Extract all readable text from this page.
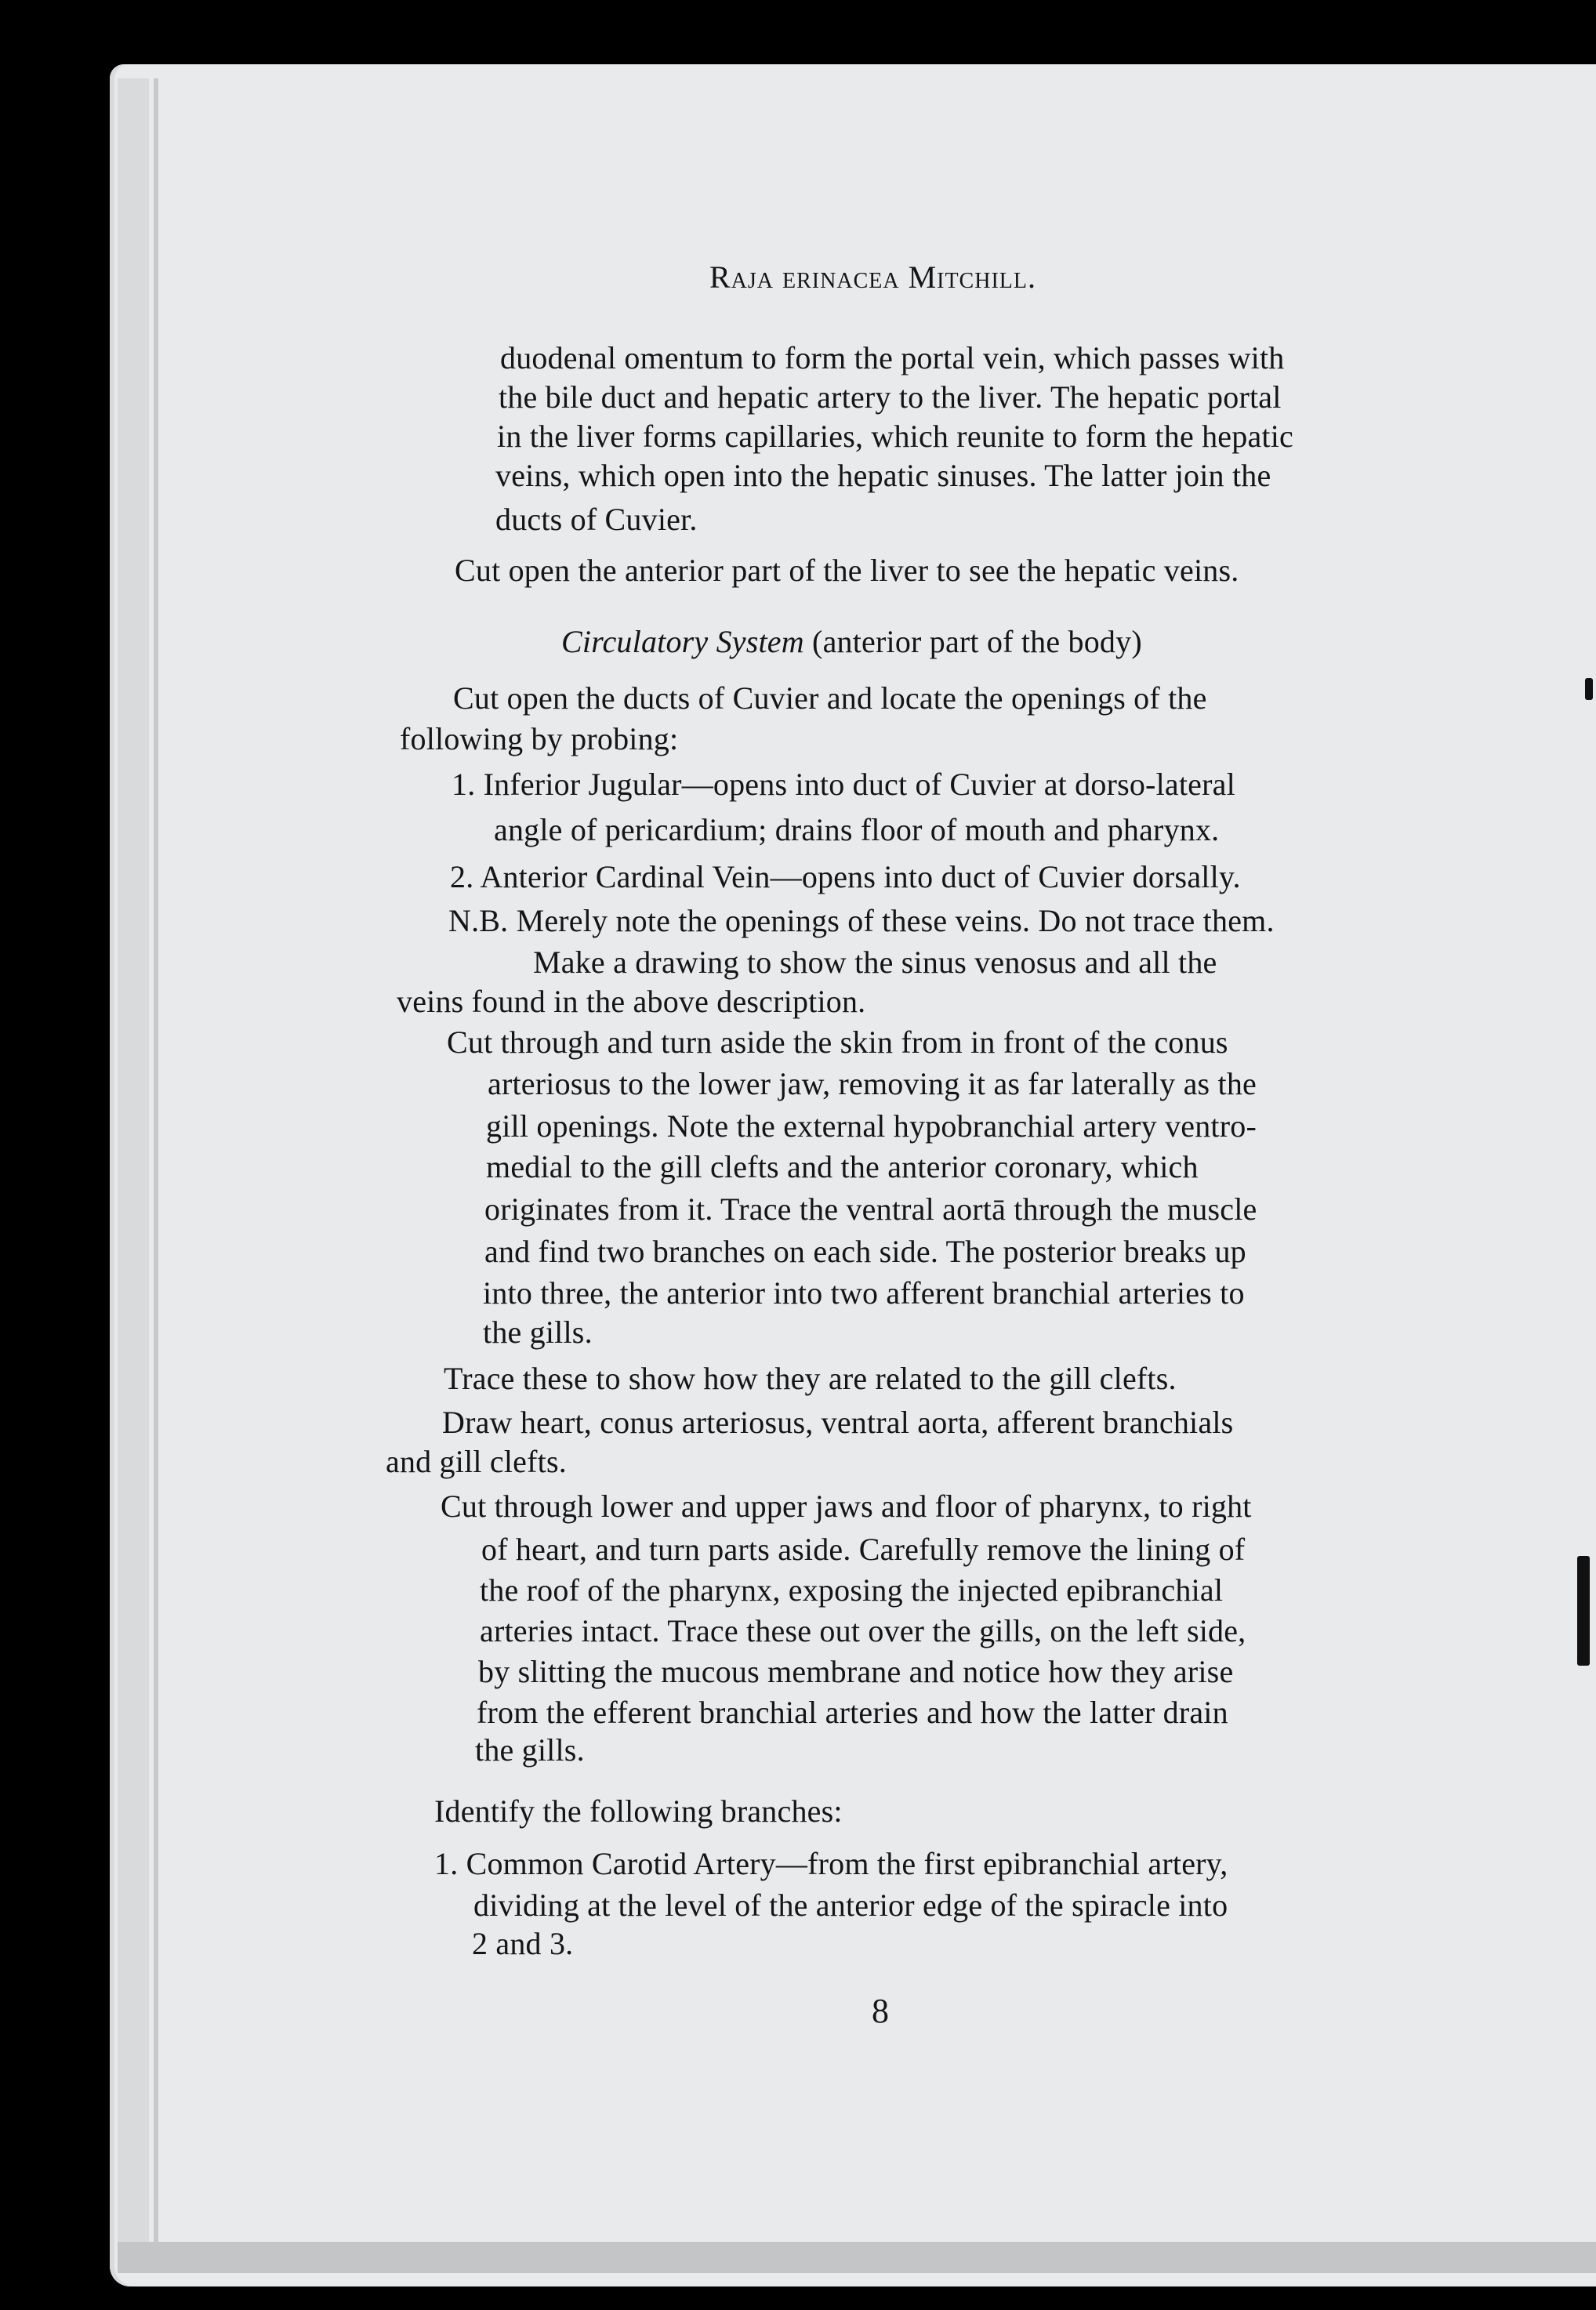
Raja erinacea Mitchill.
duodenal omentum to form the portal vein, which passes with
the bile duct and hepatic artery to the liver. The hepatic portal
in the liver forms capillaries, which reunite to form the hepatic
veins, which open into the hepatic sinuses. The latter join the
ducts of Cuvier.
Cut open the anterior part of the liver to see the hepatic veins.
Circulatory System (anterior part of the body)
Cut open the ducts of Cuvier and locate the openings of the
following by probing:
1. Inferior Jugular—opens into duct of Cuvier at dorso-lateral
angle of pericardium; drains floor of mouth and pharynx.
2. Anterior Cardinal Vein—opens into duct of Cuvier dorsally.
N.B. Merely note the openings of these veins. Do not trace them.
Make a drawing to show the sinus venosus and all the
veins found in the above description.
Cut through and turn aside the skin from in front of the conus
arteriosus to the lower jaw, removing it as far laterally as the
gill openings. Note the external hypobranchial artery ventro-
medial to the gill clefts and the anterior coronary, which
originates from it. Trace the ventral aortā through the muscle
and find two branches on each side. The posterior breaks up
into three, the anterior into two afferent branchial arteries to
the gills.
Trace these to show how they are related to the gill clefts.
Draw heart, conus arteriosus, ventral aorta, afferent branchials
and gill clefts.
Cut through lower and upper jaws and floor of pharynx, to right
of heart, and turn parts aside. Carefully remove the lining of
the roof of the pharynx, exposing the injected epibranchial
arteries intact. Trace these out over the gills, on the left side,
by slitting the mucous membrane and notice how they arise
from the efferent branchial arteries and how the latter drain
the gills.
Identify the following branches:
1. Common Carotid Artery—from the first epibranchial artery,
dividing at the level of the anterior edge of the spiracle into
2 and 3.
8
